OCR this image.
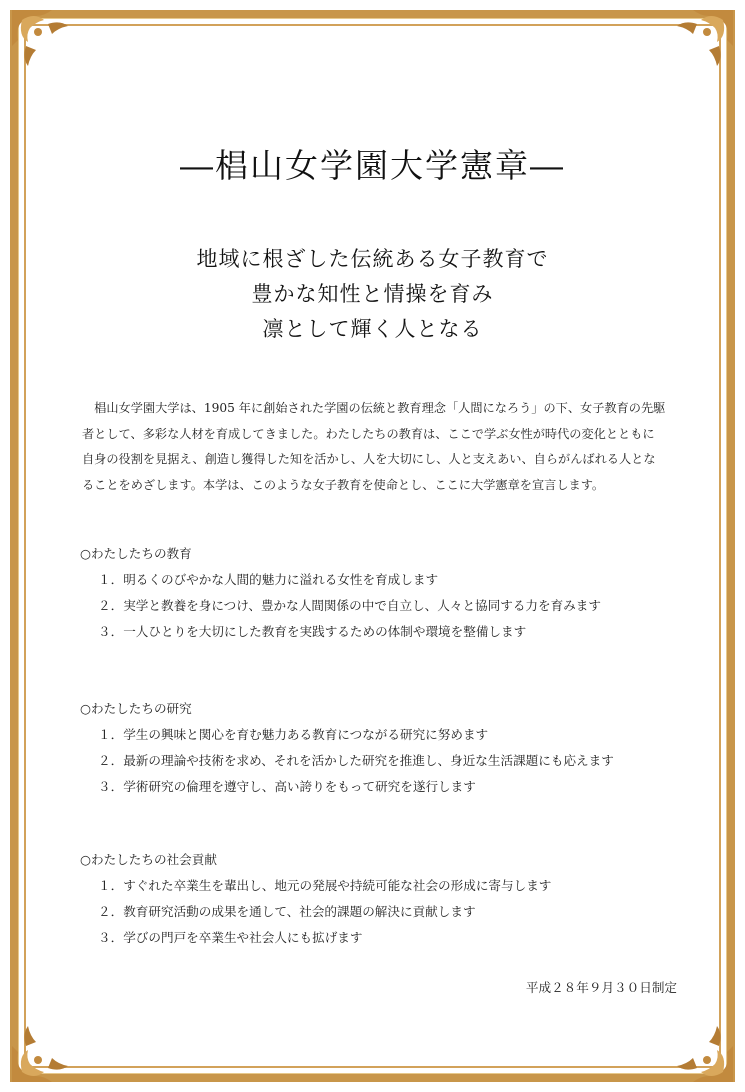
―椙山女学園大学憲章―
地域に根ざした伝統ある女子教育で
豊かな知性と情操を育み
凛として輝く人となる
　椙山女学園大学は、1905 年に創始された学園の伝統と教育理念「人間になろう」の下、女子教育の先駆
者として、多彩な人材を育成してきました。わたしたちの教育は、ここで学ぶ女性が時代の変化とともに
自身の役割を見据え、創造し獲得した知を活かし、人を大切にし、人と支えあい、自らがんばれる人とな
ることをめざします。本学は、このような女子教育を使命とし、ここに大学憲章を宣言します。
○わたしたちの教育
１．明るくのびやかな人間的魅力に溢れる女性を育成します
２．実学と教養を身につけ、豊かな人間関係の中で自立し、人々と協同する力を育みます
３．一人ひとりを大切にした教育を実践するための体制や環境を整備します
○わたしたちの研究
１．学生の興味と関心を育む魅力ある教育につながる研究に努めます
２．最新の理論や技術を求め、それを活かした研究を推進し、身近な生活課題にも応えます
３．学術研究の倫理を遵守し、高い誇りをもって研究を遂行します
○わたしたちの社会貢献
１．すぐれた卒業生を輩出し、地元の発展や持続可能な社会の形成に寄与します
２．教育研究活動の成果を通して、社会的課題の解決に貢献します
３．学びの門戸を卒業生や社会人にも拡げます
平成２８年９月３０日制定
